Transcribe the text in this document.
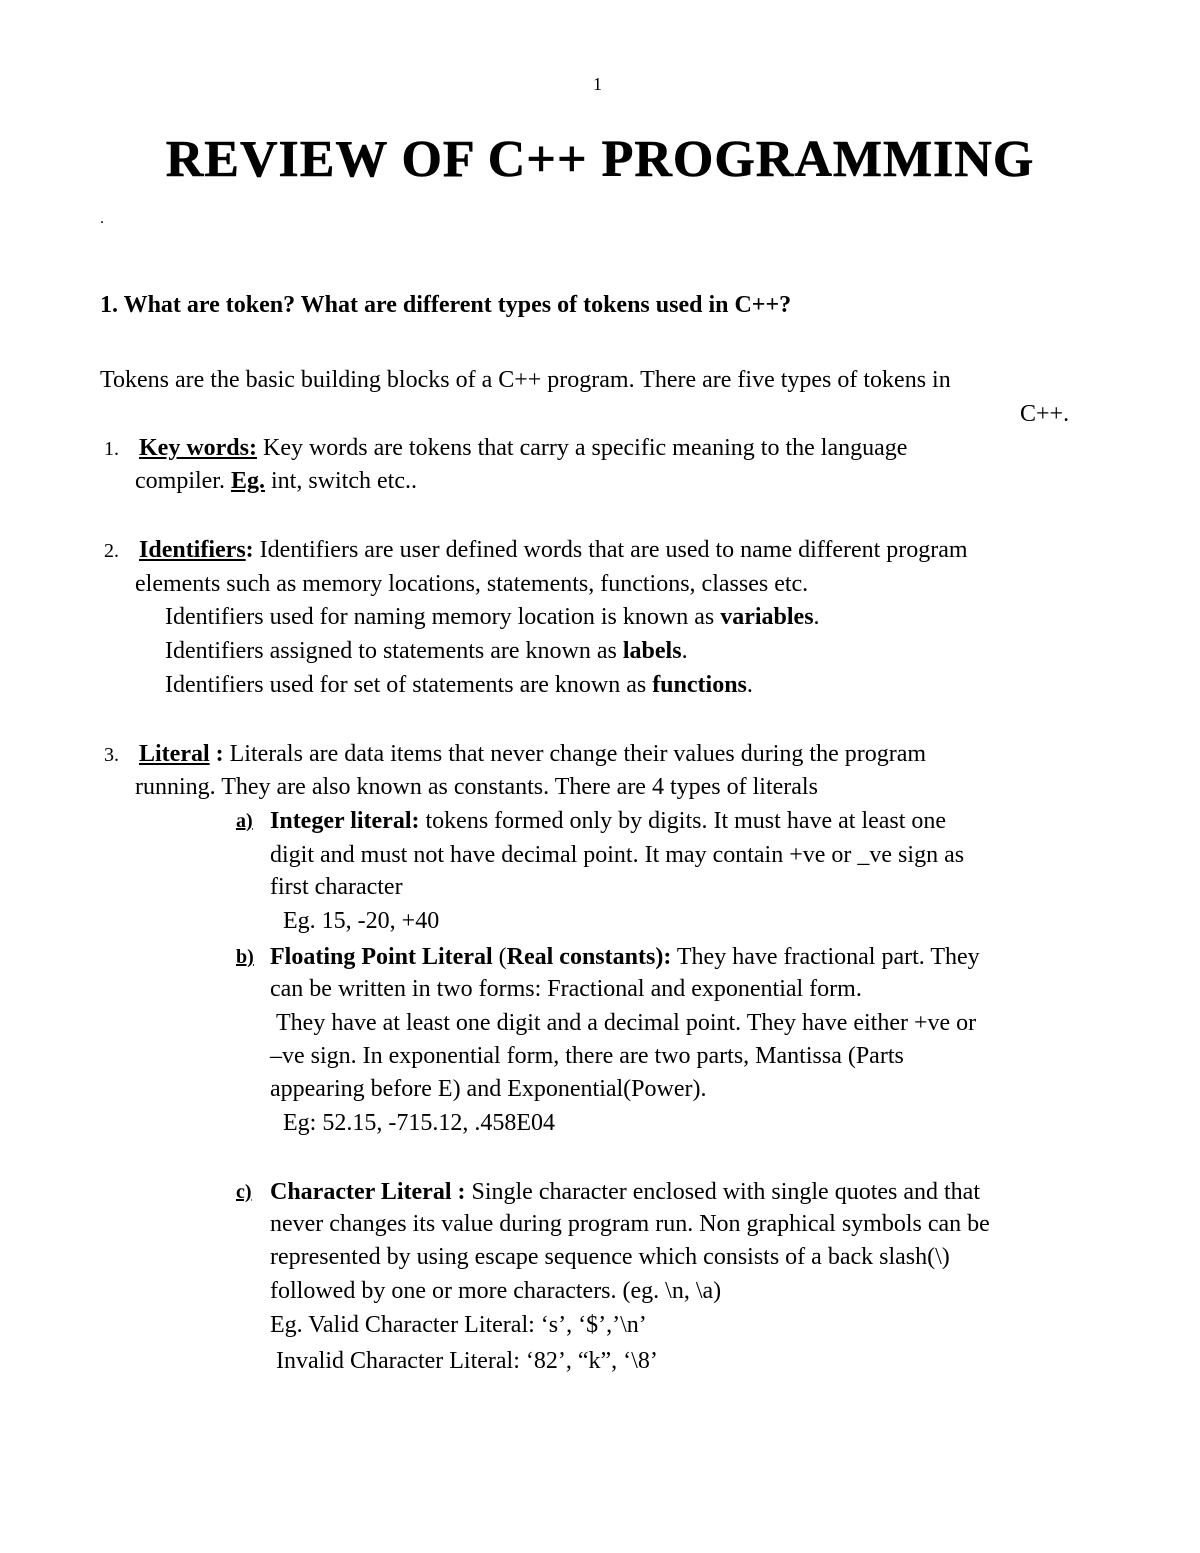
1
REVIEW OF C++ PROGRAMMING
.
1. What are token? What are different types of tokens used in C++?
Tokens are the basic building blocks of a C++ program. There are five types of tokens in
C++.
1. Key words: Key words are tokens that carry a specific meaning to the language
compiler. Eg. int, switch etc..
2. Identifiers: Identifiers are user defined words that are used to name different program
elements such as memory locations, statements, functions, classes etc.
Identifiers used for naming memory location is known as variables.
Identifiers assigned to statements are known as labels.
Identifiers used for set of statements are known as functions.
3. Literal : Literals are data items that never change their values during the program
running. They are also known as constants. There are 4 types of literals
a) Integer literal: tokens formed only by digits. It must have at least one
digit and must not have decimal point. It may contain +ve or _ve sign as
first character
Eg. 15, -20, +40
b) Floating Point Literal (Real constants): They have fractional part. They
can be written in two forms: Fractional and exponential form.
They have at least one digit and a decimal point. They have either +ve or
–ve sign. In exponential form, there are two parts, Mantissa (Parts
appearing before E) and Exponential(Power).
Eg: 52.15, -715.12, .458E04
c) Character Literal : Single character enclosed with single quotes and that
never changes its value during program run. Non graphical symbols can be
represented by using escape sequence which consists of a back slash(\)
followed by one or more characters. (eg. \n, \a)
Eg. Valid Character Literal: ‘s’, ‘$’,’\n’
Invalid Character Literal: ‘82’, “k”, ‘\8’
